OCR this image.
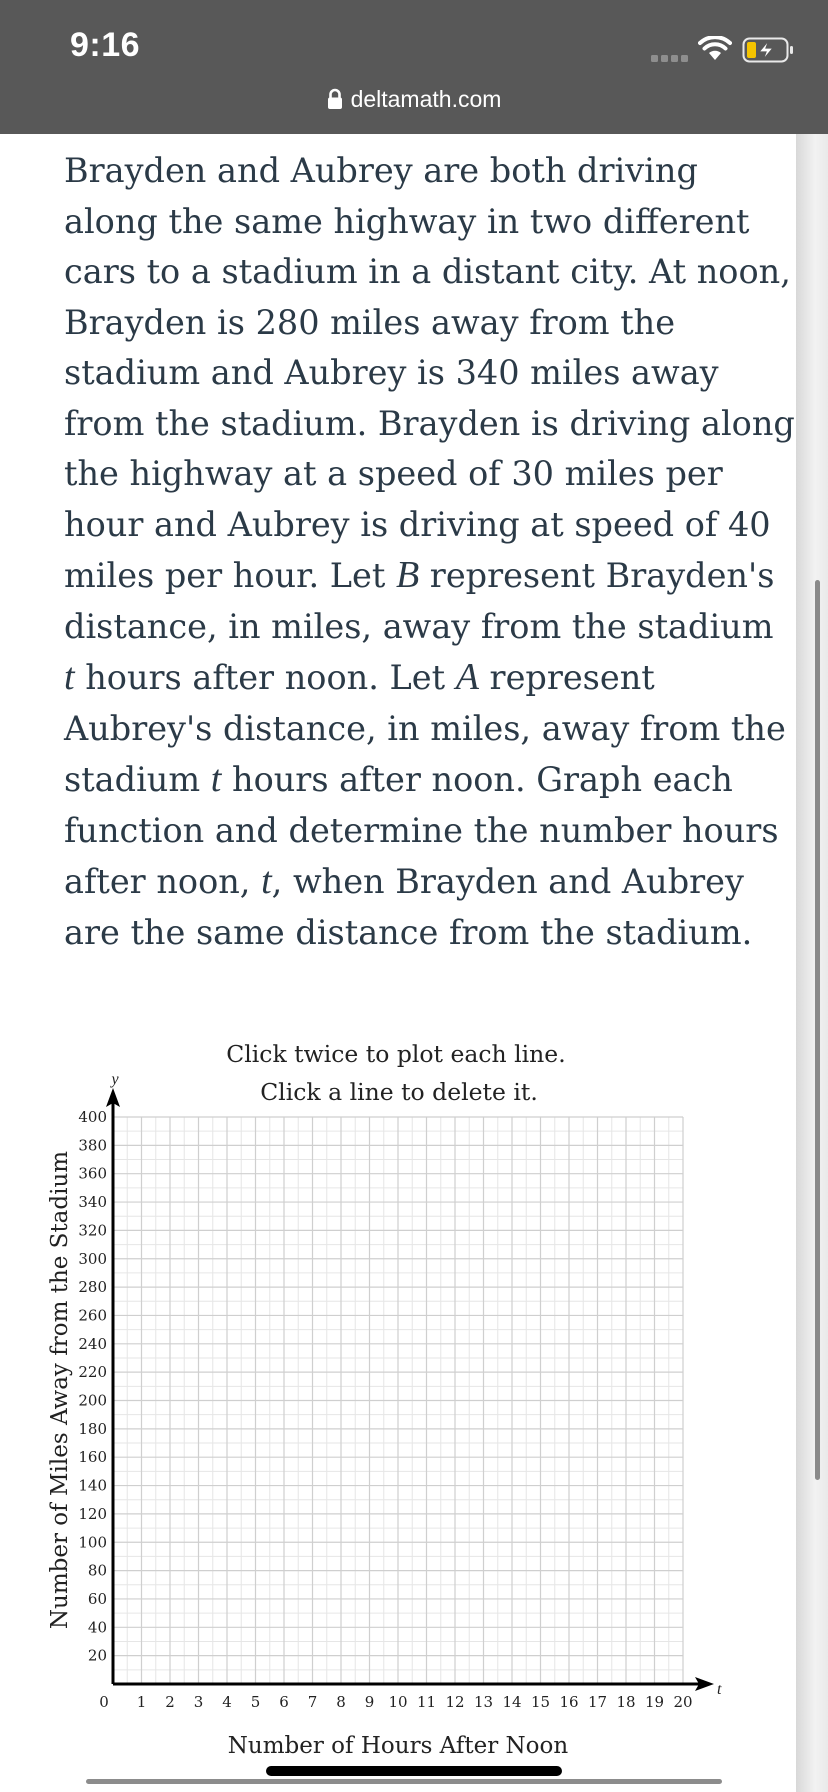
9:16
deltamath.com

Brayden and Aubrey are both driving
along the same highway in two different
cars to a stadium in a distant city. At noon,
Brayden is 280 miles away from the
stadium and Aubrey is 340 miles away
from the stadium. Brayden is driving along
the highway at a speed of 30 miles per
hour and Aubrey is driving at speed of 40
miles per hour. Let B represent Brayden's
distance, in miles, away from the stadium
t hours after noon. Let A represent
Aubrey's distance, in miles, away from the
stadium t hours after noon. Graph each
function and determine the number hours
after noon, t, when Brayden and Aubrey
are the same distance from the stadium.

1 2 3 4 5 6 7 8 9 10 11 12 13 14 15 16 17 18 19 20
20
40
60
80
100
120
140
160
180
200
220
240
260
280
300
320
340
360
380
400
0
t
y
Number of Hours After Noon
Number of Miles Away from the Stadium
Click twice to plot each line.
Click a line to delete it.
